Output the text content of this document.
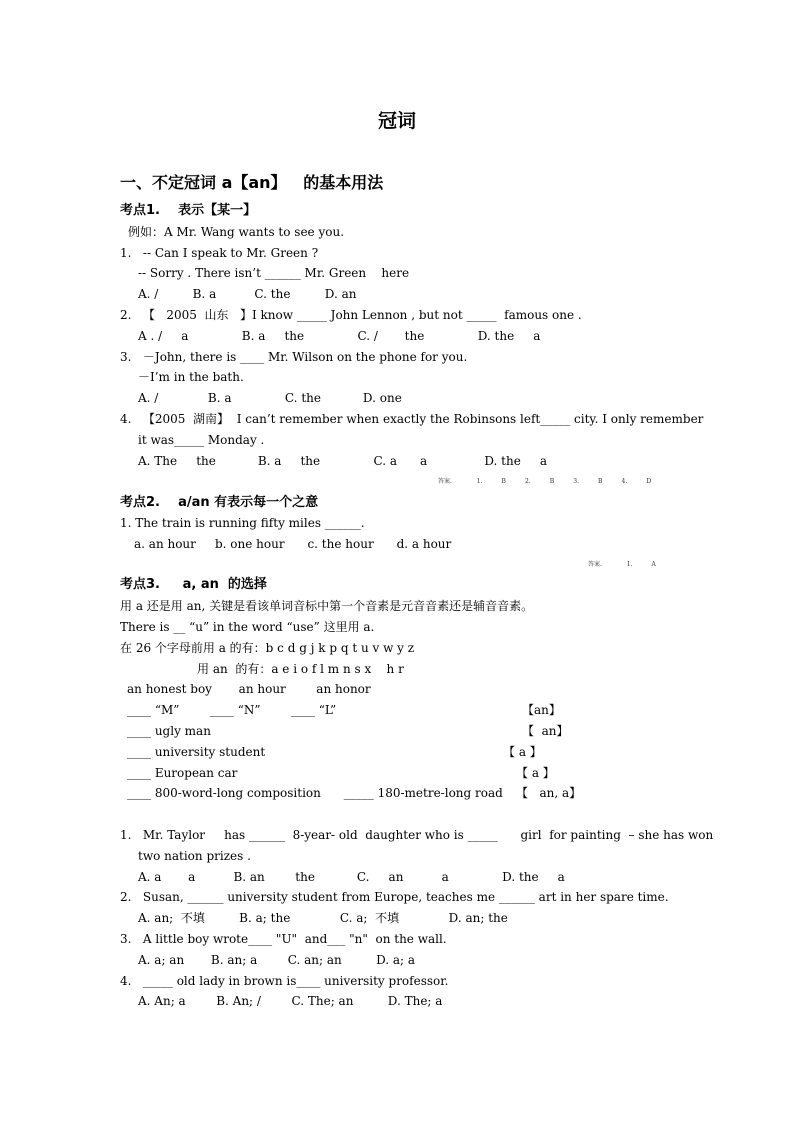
冠词
一、不定冠词 a【an】   的基本用法
考点1.    表示【某一】
例如：A Mr. Wang wants to see you.
1.   -- Can I speak to Mr. Green ?
-- Sorry . There isn’t ______ Mr. Green    here
A. /         B. a          C. the         D. an
2.   【   2005  山东   】I know _____ John Lennon , but not _____  famous one .
A . /     a              B. a     the              C. /       the              D. the     a
3.   －John, there is ____ Mr. Wilson on the phone for you.
－I’m in the bath.
A. /             B. a              C. the           D. one
4.   【2005  湖南】  I can’t remember when exactly the Robinsons left_____ city. I only remember
it was_____ Monday .
A. The     the           B. a     the              C. a      a               D. the     a
答案.             1.          B          2.          B          3.          B          4.          D
考点2.    a/an 有表示每一个之意
1. The train is running fifty miles ______.
a. an hour     b. one hour      c. the hour      d. a hour
答案.             1.          A
考点3.     a, an  的选择
用 a 还是用 an, 关键是看该单词音标中第一个音素是元音音素还是辅音音素。
There is __ “u” in the word “use” 这里用 a.
在 26 个字母前用 a 的有：b c d g j k p q t u v w y z
用 an  的有：a e i o f l m n s x    h r
an honest boy       an hour        an honor
____ “M”        ____ “N”        ____ “L”
____ ugly man
____ university student
____ European car
____ 800-word-long composition      _____ 180-metre-long road
【an】
【  an】
【 a 】
【 a 】
【   an, a】
1.   Mr. Taylor     has ______  8-year- old  daughter who is _____      girl  for painting  – she has won
two nation prizes .
A. a       a          B. an        the           C.     an          a              D. the     a
2.   Susan, ______ university student from Europe, teaches me ______ art in her spare time.
A. an;  不填         B. a; the             C. a;  不填             D. an; the
3.   A little boy wrote____ "U"  and___ "n"  on the wall.
A. a; an       B. an; a        C. an; an         D. a; a
4.   _____ old lady in brown is____ university professor.
A. An; a        B. An; /        C. The; an         D. The; a
